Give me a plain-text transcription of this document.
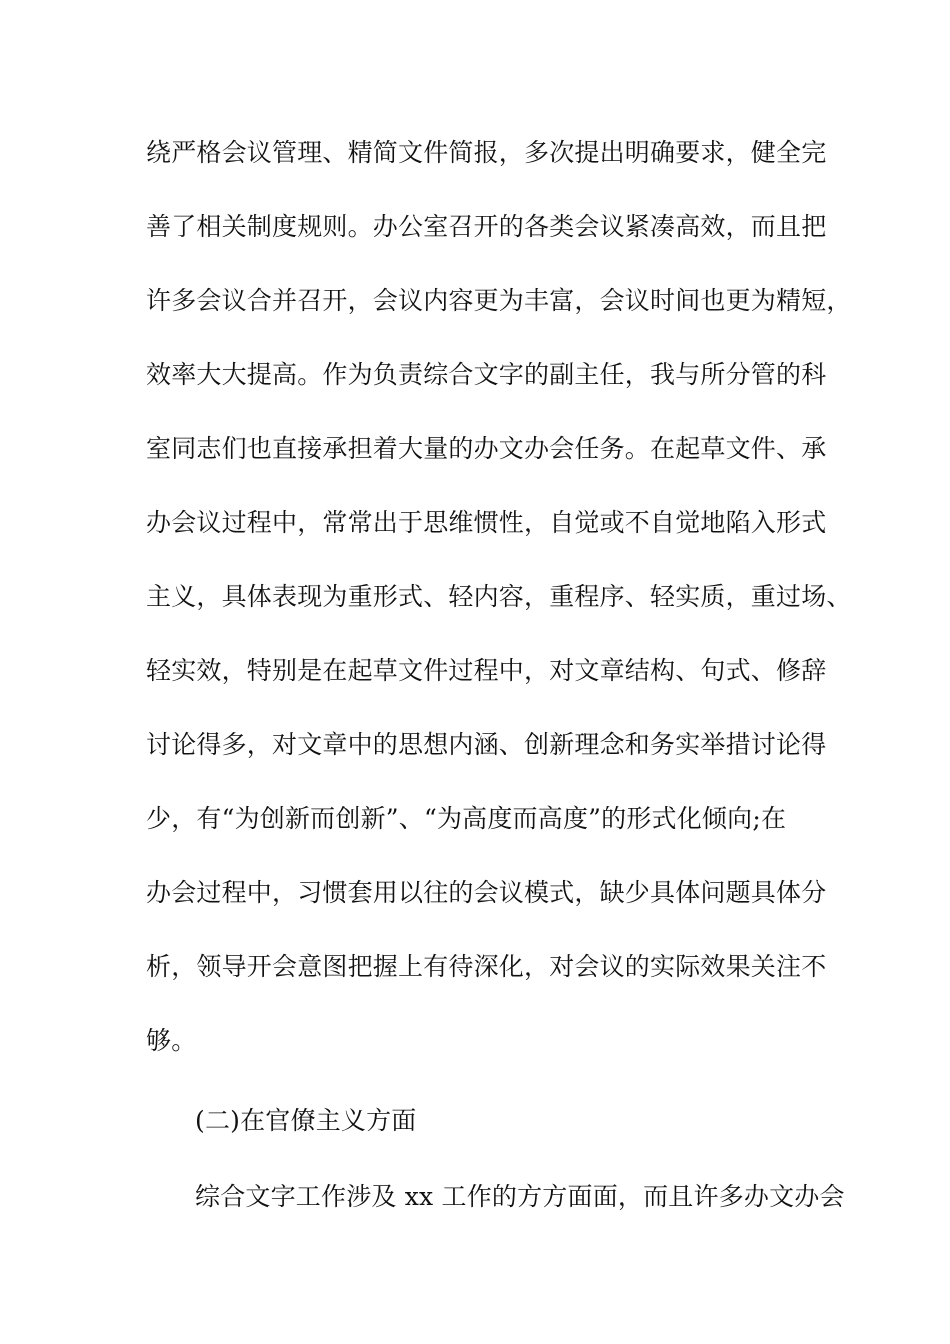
绕严格会议管理、精简文件简报，多次提出明确要求，健全完
善了相关制度规则。办公室召开的各类会议紧凑高效，而且把
许多会议合并召开，会议内容更为丰富，会议时间也更为精短，
效率大大提高。作为负责综合文字的副主任，我与所分管的科
室同志们也直接承担着大量的办文办会任务。在起草文件、承
办会议过程中，常常出于思维惯性，自觉或不自觉地陷入形式
主义，具体表现为重形式、轻内容，重程序、轻实质，重过场、
轻实效，特别是在起草文件过程中，对文章结构、句式、修辞
讨论得多，对文章中的思想内涵、创新理念和务实举措讨论得
少，有“为创新而创新”、“为高度而高度”的形式化倾向;在
办会过程中，习惯套用以往的会议模式，缺少具体问题具体分
析，领导开会意图把握上有待深化，对会议的实际效果关注不
够。
(二)在官僚主义方面
综合文字工作涉及 xx 工作的方方面面，而且许多办文办会
